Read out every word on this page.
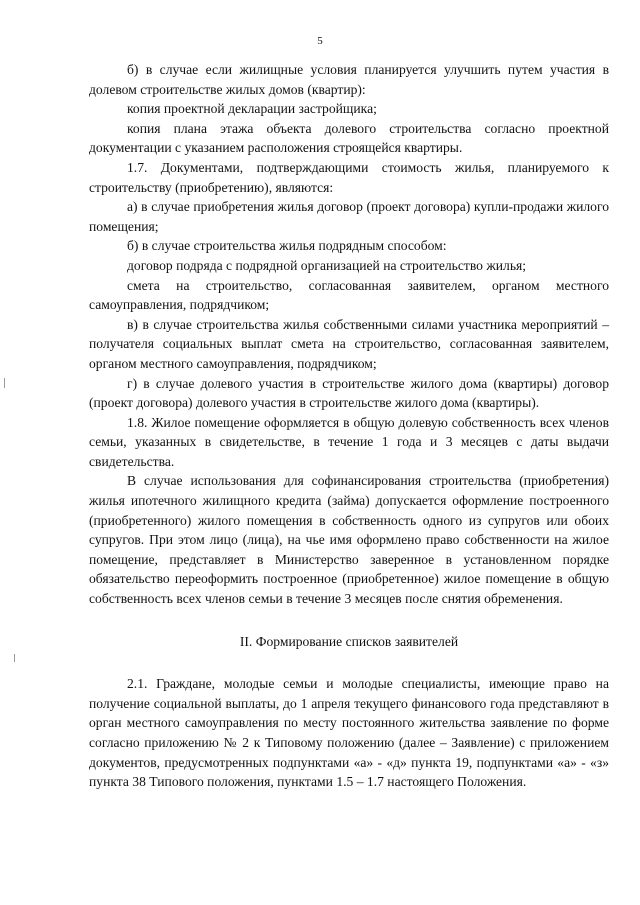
5

б) в случае если жилищные условия планируется улучшить путем участия в долевом строительстве жилых домов (квартир):

копия проектной декларации застройщика;

копия плана этажа объекта долевого строительства согласно проектной документации с указанием расположения строящейся квартиры.

1.7. Документами, подтверждающими стоимость жилья, планируемого к строительству (приобретению), являются:

а) в случае приобретения жилья договор (проект договора) купли-продажи жилого помещения;

б) в случае строительства жилья подрядным способом:

договор подряда с подрядной организацией на строительство жилья;

смета на строительство, согласованная заявителем, органом местного самоуправления, подрядчиком;

в) в случае строительства жилья собственными силами участника мероприятий – получателя социальных выплат смета на строительство, согласованная заявителем, органом местного самоуправления, подрядчиком;

г) в случае долевого участия в строительстве жилого дома (квартиры) договор (проект договора) долевого участия в строительстве жилого дома (квартиры).

1.8. Жилое помещение оформляется в общую долевую собственность всех членов семьи, указанных в свидетельстве, в течение 1 года и 3 месяцев с даты выдачи свидетельства.

В случае использования для софинансирования строительства (приобретения) жилья ипотечного жилищного кредита (займа) допускается оформление построенного (приобретенного) жилого помещения в собственность одного из супругов или обоих супругов. При этом лицо (лица), на чье имя оформлено право собственности на жилое помещение, представляет в Министерство заверенное в установленном порядке обязательство переоформить построенное (приобретенное) жилое помещение в общую собственность всех членов семьи в течение 3 месяцев после снятия обременения.

II. Формирование списков заявителей

2.1. Граждане, молодые семьи и молодые специалисты, имеющие право на получение социальной выплаты, до 1 апреля текущего финансового года представляют в орган местного самоуправления по месту постоянного жительства заявление по форме согласно приложению № 2 к Типовому положению (далее – Заявление) с приложением документов, предусмотренных подпунктами «а» - «д» пункта 19, подпунктами «а» - «з» пункта 38 Типового положения, пунктами 1.5 – 1.7 настоящего Положения.
